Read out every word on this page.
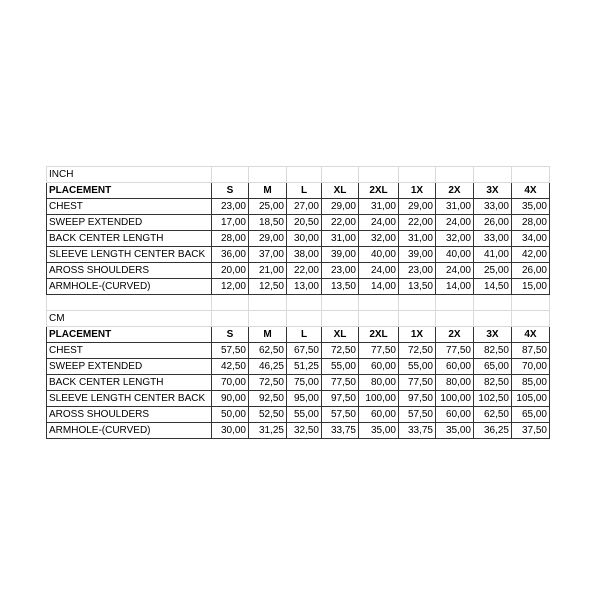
INCH									
PLACEMENT	S	M	L	XL	2XL	1X	2X	3X	4X
CHEST	23,00	25,00	27,00	29,00	31,00	29,00	31,00	33,00	35,00
SWEEP EXTENDED	17,00	18,50	20,50	22,00	24,00	22,00	24,00	26,00	28,00
BACK CENTER LENGTH	28,00	29,00	30,00	31,00	32,00	31,00	32,00	33,00	34,00
SLEEVE LENGTH CENTER BACK	36,00	37,00	38,00	39,00	40,00	39,00	40,00	41,00	42,00
AROSS SHOULDERS	20,00	21,00	22,00	23,00	24,00	23,00	24,00	25,00	26,00
ARMHOLE-(CURVED)	12,00	12,50	13,00	13,50	14,00	13,50	14,00	14,50	15,00

CM									
PLACEMENT	S	M	L	XL	2XL	1X	2X	3X	4X
CHEST	57,50	62,50	67,50	72,50	77,50	72,50	77,50	82,50	87,50
SWEEP EXTENDED	42,50	46,25	51,25	55,00	60,00	55,00	60,00	65,00	70,00
BACK CENTER LENGTH	70,00	72,50	75,00	77,50	80,00	77,50	80,00	82,50	85,00
SLEEVE LENGTH CENTER BACK	90,00	92,50	95,00	97,50	100,00	97,50	100,00	102,50	105,00
AROSS SHOULDERS	50,00	52,50	55,00	57,50	60,00	57,50	60,00	62,50	65,00
ARMHOLE-(CURVED)	30,00	31,25	32,50	33,75	35,00	33,75	35,00	36,25	37,50
